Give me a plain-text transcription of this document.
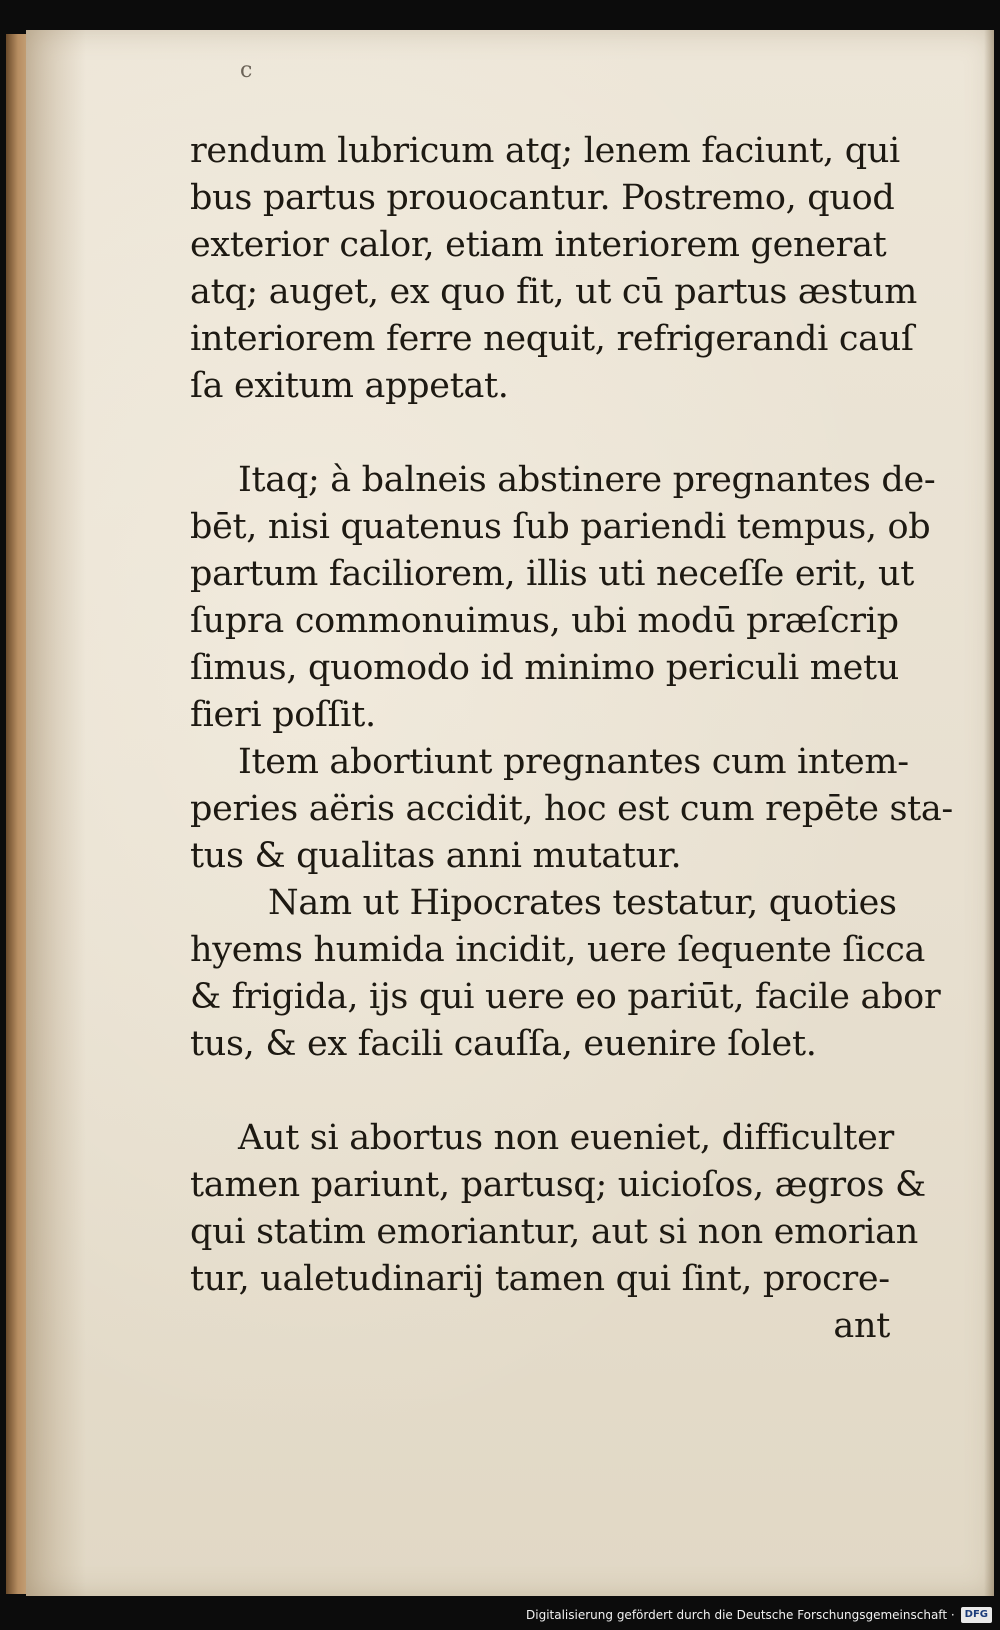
c
rendum lubricum atq; lenem faciunt, qui
bus partus prouocantur. Postremo, quod
exterior calor, etiam interiorem generat
atq; auget, ex quo fit, ut cū partus æstum
interiorem ferre nequit, refrigerandi cauſ
ſa exitum appetat.
Itaq; à balneis abstinere pregnantes de-
bēt, nisi quatenus ſub pariendi tempus, ob
partum faciliorem, illis uti neceſſe erit, ut
ſupra commonuimus, ubi modū præſcrip
ſimus, quomodo id minimo periculi metu
fieri poſſit.
Item abortiunt pregnantes cum intem-
peries aëris accidit, hoc est cum repēte sta-
tus & qualitas anni mutatur.
Nam ut Hipocrates testatur, quoties
hyems humida incidit, uere ſequente ſicca
& frigida, ijs qui uere eo pariūt, facile abor
tus, & ex facili cauſſa, euenire ſolet.
Aut si abortus non eueniet, difficulter
tamen pariunt, partusq; uicioſos, ægros &
qui statim emoriantur, aut si non emorian
tur, ualetudinarij tamen qui ſint, procre-
ant
Digitalisierung gefördert durch die Deutsche Forschungsgemeinschaft ·	DFG
